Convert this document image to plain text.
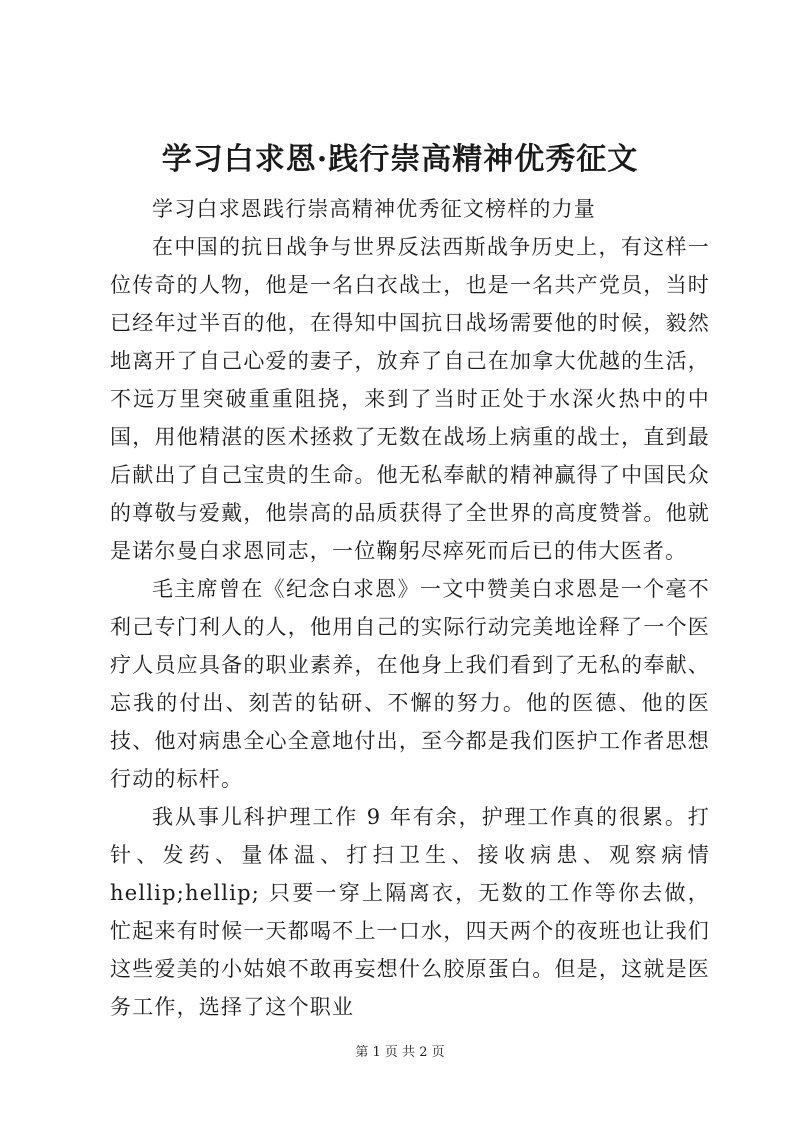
学习白求恩·践行崇高精神优秀征文

学习白求恩践行崇高精神优秀征文榜样的力量

在中国的抗日战争与世界反法西斯战争历史上，有这样一位传奇的人物，他是一名白衣战士，也是一名共产党员，当时已经年过半百的他，在得知中国抗日战场需要他的时候，毅然地离开了自己心爱的妻子，放弃了自己在加拿大优越的生活，不远万里突破重重阻挠，来到了当时正处于水深火热中的中国，用他精湛的医术拯救了无数在战场上病重的战士，直到最后献出了自己宝贵的生命。他无私奉献的精神赢得了中国民众的尊敬与爱戴，他崇高的品质获得了全世界的高度赞誉。他就是诺尔曼白求恩同志，一位鞠躬尽瘁死而后已的伟大医者。

毛主席曾在《纪念白求恩》一文中赞美白求恩是一个毫不利己专门利人的人，他用自己的实际行动完美地诠释了一个医疗人员应具备的职业素养，在他身上我们看到了无私的奉献、忘我的付出、刻苦的钻研、不懈的努力。他的医德、他的医技、他对病患全心全意地付出，至今都是我们医护工作者思想行动的标杆。

我从事儿科护理工作 9 年有余，护理工作真的很累。打针、发药、量体温、打扫卫生、接收病患、观察病情 hellip;hellip; 只要一穿上隔离衣，无数的工作等你去做，忙起来有时候一天都喝不上一口水，四天两个的夜班也让我们这些爱美的小姑娘不敢再妄想什么胶原蛋白。但是，这就是医务工作，选择了这个职业

第 1 页 共 2 页
